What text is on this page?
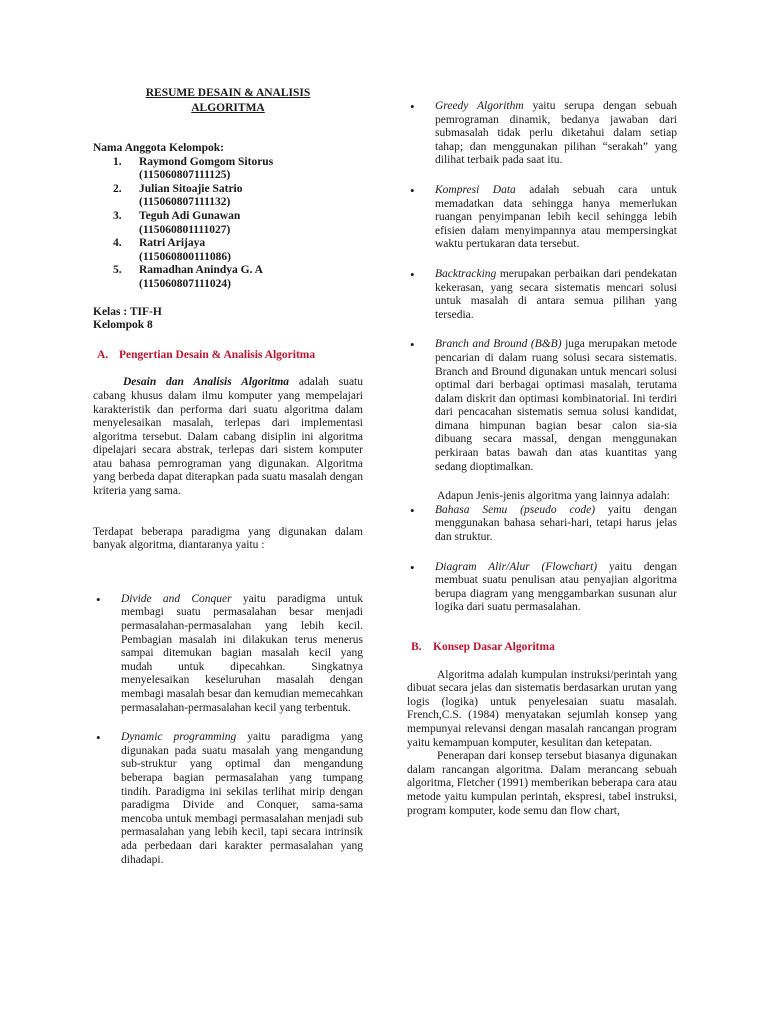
RESUME DESAIN & ANALISIS
ALGORITMA
Nama Anggota Kelompok:
1. Raymond Gomgom Sitorus
(115060807111125)
2. Julian Sitoajie Satrio
(115060807111132)
3. Teguh Adi Gunawan
(115060801111027)
4. Ratri Arijaya
(115060800111086)
5. Ramadhan Anindya G. A
(115060807111024)
Kelas : TIF-H
Kelompok 8
A. Pengertian Desain & Analisis Algoritma

Desain dan Analisis Algoritma adalah suatu cabang khusus dalam ilmu komputer yang mempelajari karakteristik dan performa dari suatu algoritma dalam menyelesaikan masalah, terlepas dari implementasi algoritma tersebut. Dalam cabang disiplin ini algoritma dipelajari secara abstrak, terlepas dari sistem komputer atau bahasa pemrograman yang digunakan. Algoritma yang berbeda dapat diterapkan pada suatu masalah dengan kriteria yang sama.

Terdapat beberapa paradigma yang digunakan dalam banyak algoritma, diantaranya yaitu :

• Divide and Conquer yaitu paradigma untuk membagi suatu permasalahan besar menjadi permasalahan-permasalahan yang lebih kecil. Pembagian masalah ini dilakukan terus menerus sampai ditemukan bagian masalah kecil yang mudah untuk dipecahkan. Singkatnya menyelesaikan keseluruhan masalah dengan membagi masalah besar dan kemudian memecahkan permasalahan-permasalahan kecil yang terbentuk.
• Dynamic programming yaitu paradigma yang digunakan pada suatu masalah yang mengandung sub-struktur yang optimal dan mengandung beberapa bagian permasalahan yang tumpang tindih. Paradigma ini sekilas terlihat mirip dengan paradigma Divide and Conquer, sama-sama mencoba untuk membagi permasalahan menjadi sub permasalahan yang lebih kecil, tapi secara intrinsik ada perbedaan dari karakter permasalahan yang dihadapi.
• Greedy Algorithm yaitu serupa dengan sebuah pemrograman dinamik, bedanya jawaban dari submasalah tidak perlu diketahui dalam setiap tahap; dan menggunakan pilihan “serakah” yang dilihat terbaik pada saat itu.
• Kompresi Data adalah sebuah cara untuk memadatkan data sehingga hanya memerlukan ruangan penyimpanan lebih kecil sehingga lebih efisien dalam menyimpannya atau mempersingkat waktu pertukaran data tersebut.
• Backtracking merupakan perbaikan dari pendekatan kekerasan, yang secara sistematis mencari solusi untuk masalah di antara semua pilihan yang tersedia.
• Branch and Bround (B&B) juga merupakan metode pencarian di dalam ruang solusi secara sistematis. Branch and Bround digunakan untuk mencari solusi optimal dari berbagai optimasi masalah, terutama dalam diskrit dan optimasi kombinatorial. Ini terdiri dari pencacahan sistematis semua solusi kandidat, dimana himpunan bagian besar calon sia-sia dibuang secara massal, dengan menggunakan perkiraan batas bawah dan atas kuantitas yang sedang dioptimalkan.

Adapun Jenis-jenis algoritma yang lainnya adalah:

• Bahasa Semu (pseudo code) yaitu dengan menggunakan bahasa sehari-hari, tetapi harus jelas dan struktur.
• Diagram Alir/Alur (Flowchart) yaitu dengan membuat suatu penulisan atau penyajian algoritma berupa diagram yang menggambarkan susunan alur logika dari suatu permasalahan.
B. Konsep Dasar Algoritma

Algoritma adalah kumpulan instruksi/perintah yang dibuat secara jelas dan sistematis berdasarkan urutan yang logis (logika) untuk penyelesaian suatu masalah. French,C.S. (1984) menyatakan sejumlah konsep yang mempunyai relevansi dengan masalah rancangan program yaitu kemampuan komputer, kesulitan dan ketepatan.

Penerapan dari konsep tersebut biasanya digunakan dalam rancangan algoritma. Dalam merancang sebuah algoritma, Fletcher (1991) memberikan beberapa cara atau metode yaitu kumpulan perintah, ekspresi, tabel instruksi, program komputer, kode semu dan flow chart,
